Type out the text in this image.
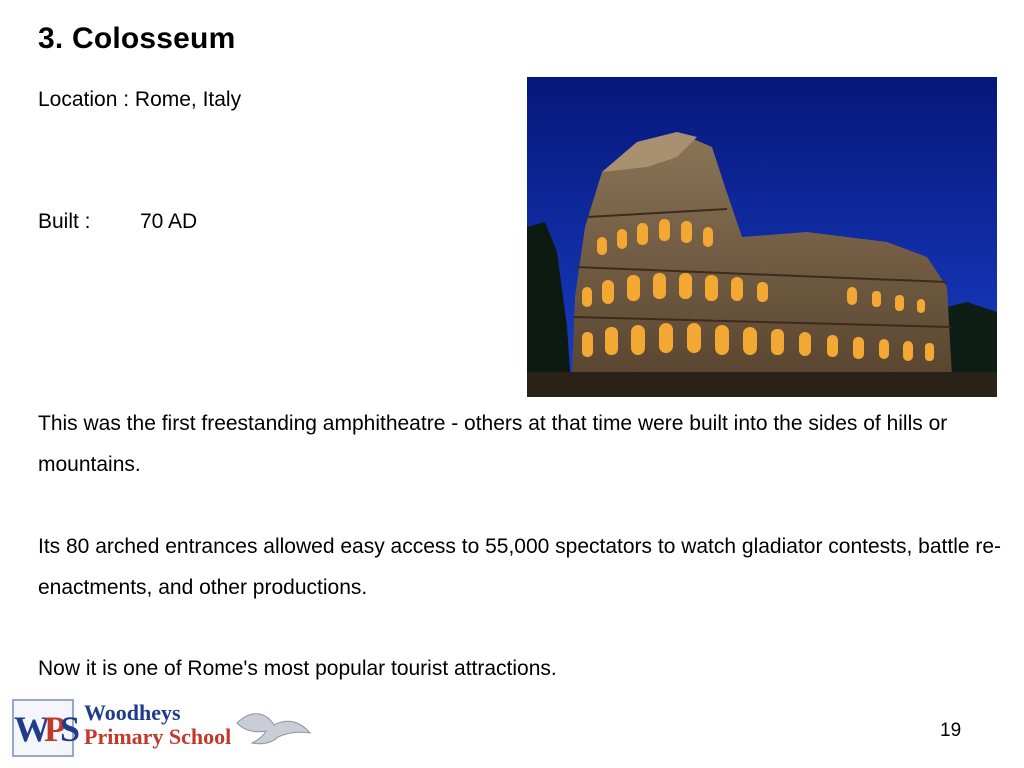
3. Colosseum
Location : Rome, Italy
Built : 70 AD
This was the first freestanding amphitheatre - others at that time were built into the sides of hills or mountains.
Its 80 arched entrances allowed easy access to 55,000 spectators to watch gladiator contests, battle re-enactments, and other productions.
Now it is one of Rome's most popular tourist attractions.
WPS Woodheys
Primary School	19
